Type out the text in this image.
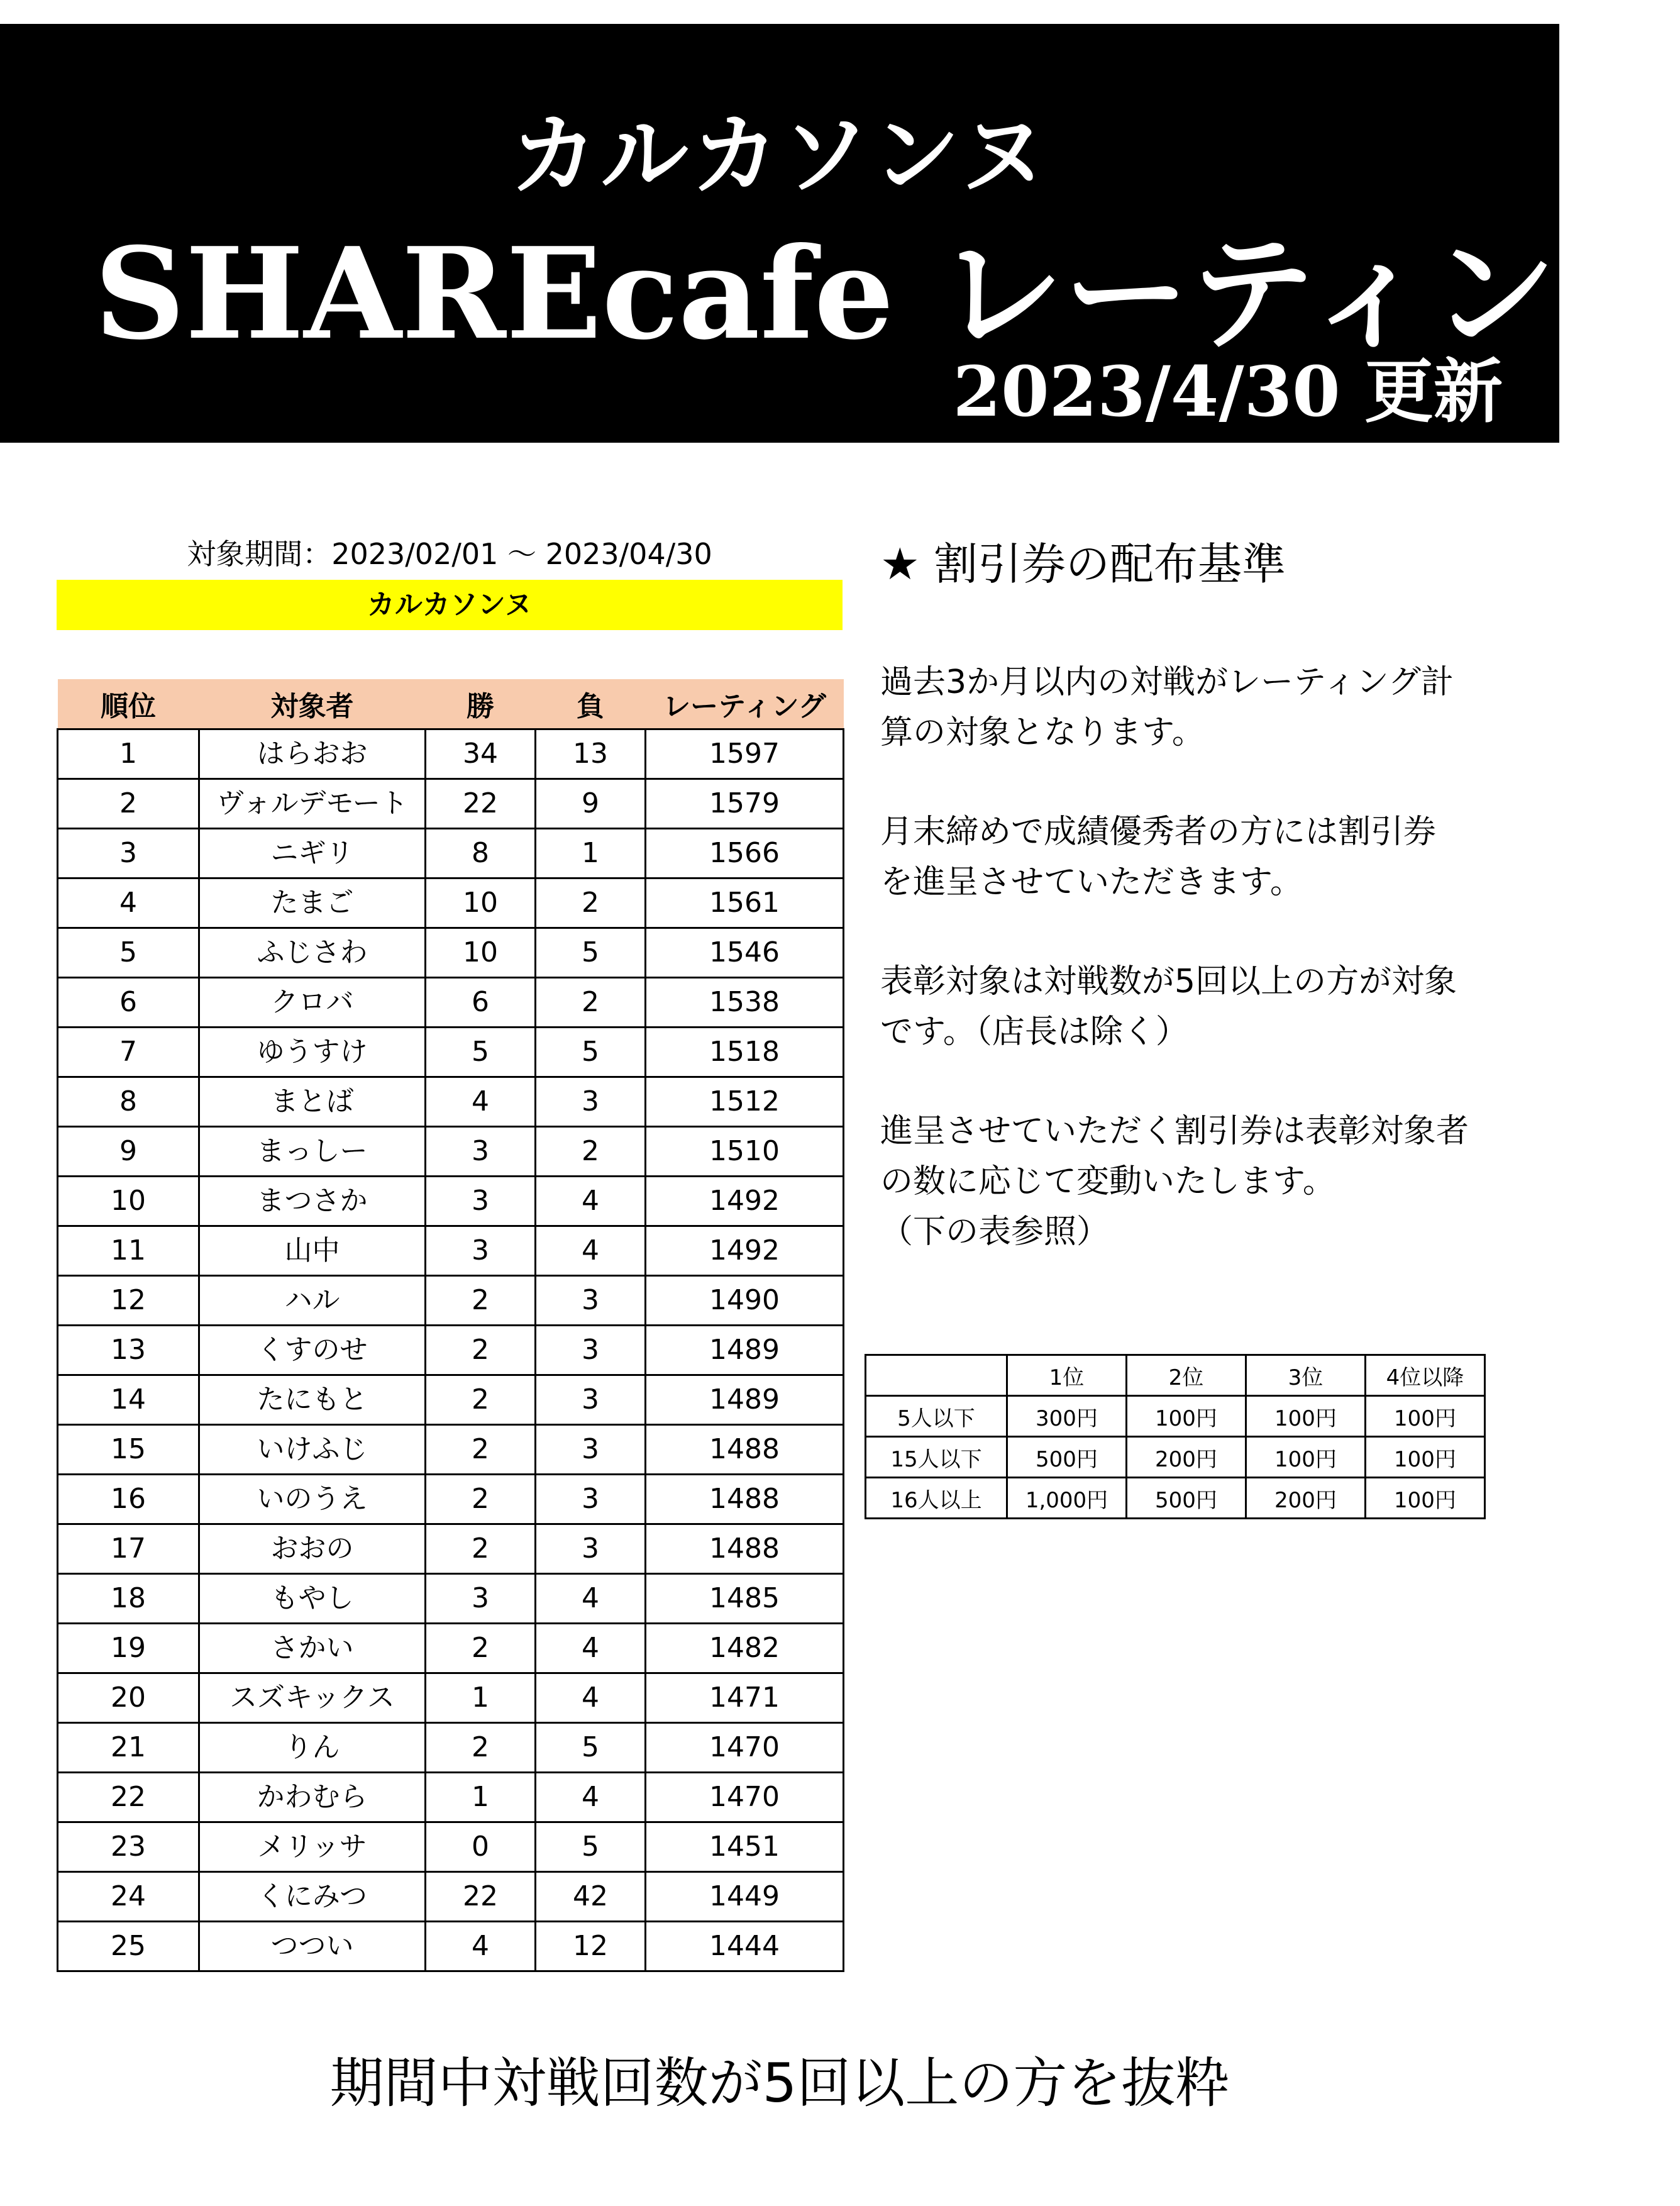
カルカソンヌ
SHAREcafe レーティング
2023/4/30 更新
対象期間：2023/02/01 ～ 2023/04/30
カルカソンヌ
順位	対象者	勝	負	レーティング
1	はらおお	34	13	1597
2	ヴォルデモート	22	9	1579
3	ニギリ	8	1	1566
4	たまご	10	2	1561
5	ふじさわ	10	5	1546
6	クロバ	6	2	1538
7	ゆうすけ	5	5	1518
8	まとば	4	3	1512
9	まっしー	3	2	1510
10	まつさか	3	4	1492
11	山中	3	4	1492
12	ハル	2	3	1490
13	くすのせ	2	3	1489
14	たにもと	2	3	1489
15	いけふじ	2	3	1488
16	いのうえ	2	3	1488
17	おおの	2	3	1488
18	もやし	3	4	1485
19	さかい	2	4	1482
20	スズキックス	1	4	1471
21	りん	2	5	1470
22	かわむら	1	4	1470
23	メリッサ	0	5	1451
24	くにみつ	22	42	1449
25	つつい	4	12	1444
★ 割引券の配布基準
過去3か月以内の対戦がレーティング計
算の対象となります。
月末締めで成績優秀者の方には割引券
を進呈させていただきます。
表彰対象は対戦数が5回以上の方が対象
です。（店長は除く）
進呈させていただく割引券は表彰対象者
の数に応じて変動いたします。
（下の表参照）
	1位	2位	3位	4位以降
5人以下	300円	100円	100円	100円
15人以下	500円	200円	100円	100円
16人以上	1,000円	500円	200円	100円
期間中対戦回数が5回以上の方を抜粋
